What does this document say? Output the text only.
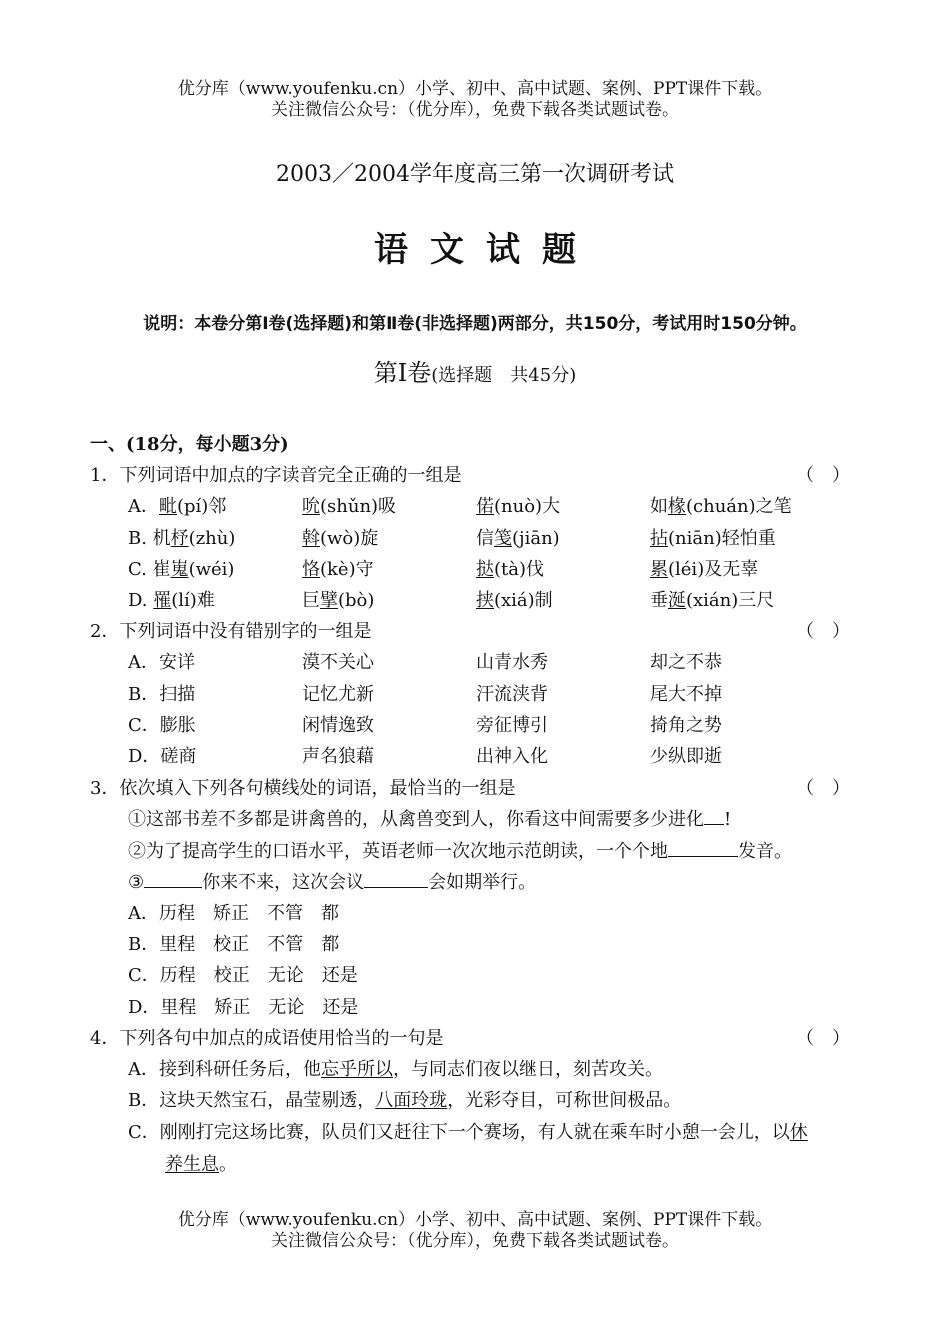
优分库（www.youfenku.cn）小学、初中、高中试题、案例、PPT课件下载。
关注微信公众号：（优分库），免费下载各类试题试卷。
2003／2004学年度高三第一次调研考试
语文试题
说明：本卷分第Ⅰ卷(选择题)和第Ⅱ卷(非选择题)两部分，共150分，考试用时150分钟。
第Ⅰ卷(选择题　共45分)
一、(18分，每小题3分)
1．下列词语中加点的字读音完全正确的一组是	（　）
A．毗(pí)邻	吮(shǔn)吸	偌(nuò)大	如椽(chuán)之笔
B. 机杼(zhù)	斡(wò)旋	信笺(jiān)	拈(niān)轻怕重
C. 崔嵬(wéi)	恪(kè)守	挞(tà)伐	累(léi)及无辜
D. 罹(lí)难	巨擘(bò)	挟(xiá)制	垂涎(xián)三尺
2．下列词语中没有错别字的一组是	（　）
A．安详	漠不关心	山青水秀	却之不恭
B．扫描	记忆尤新	汗流浃背	尾大不掉
C．膨胀	闲情逸致	旁征博引	掎角之势
D．磋商	声名狼藉	出神入化	少纵即逝
3．依次填入下列各句横线处的词语，最恰当的一组是	（　）
①这部书差不多都是讲禽兽的，从禽兽变到人，你看这中间需要多少进化 !
②为了提高学生的口语水平，英语老师一次次地示范朗读，一个个地	发音。
③	你来不来，这次会议	会如期举行。
A．历程　矫正　不管　都
B．里程　校正　不管　都
C．历程　校正　无论　还是
D．里程　矫正　无论　还是
4．下列各句中加点的成语使用恰当的一句是	（　）
A．接到科研任务后，他忘乎所以，与同志们夜以继日，刻苦攻关。
B．这块天然宝石，晶莹剔透，八面玲珑，光彩夺目，可称世间极品。
C．刚刚打完这场比赛，队员们又赶往下一个赛场，有人就在乘车时小憩一会儿，以休
养生息。
优分库（www.youfenku.cn）小学、初中、高中试题、案例、PPT课件下载。
关注微信公众号：（优分库），免费下载各类试题试卷。
